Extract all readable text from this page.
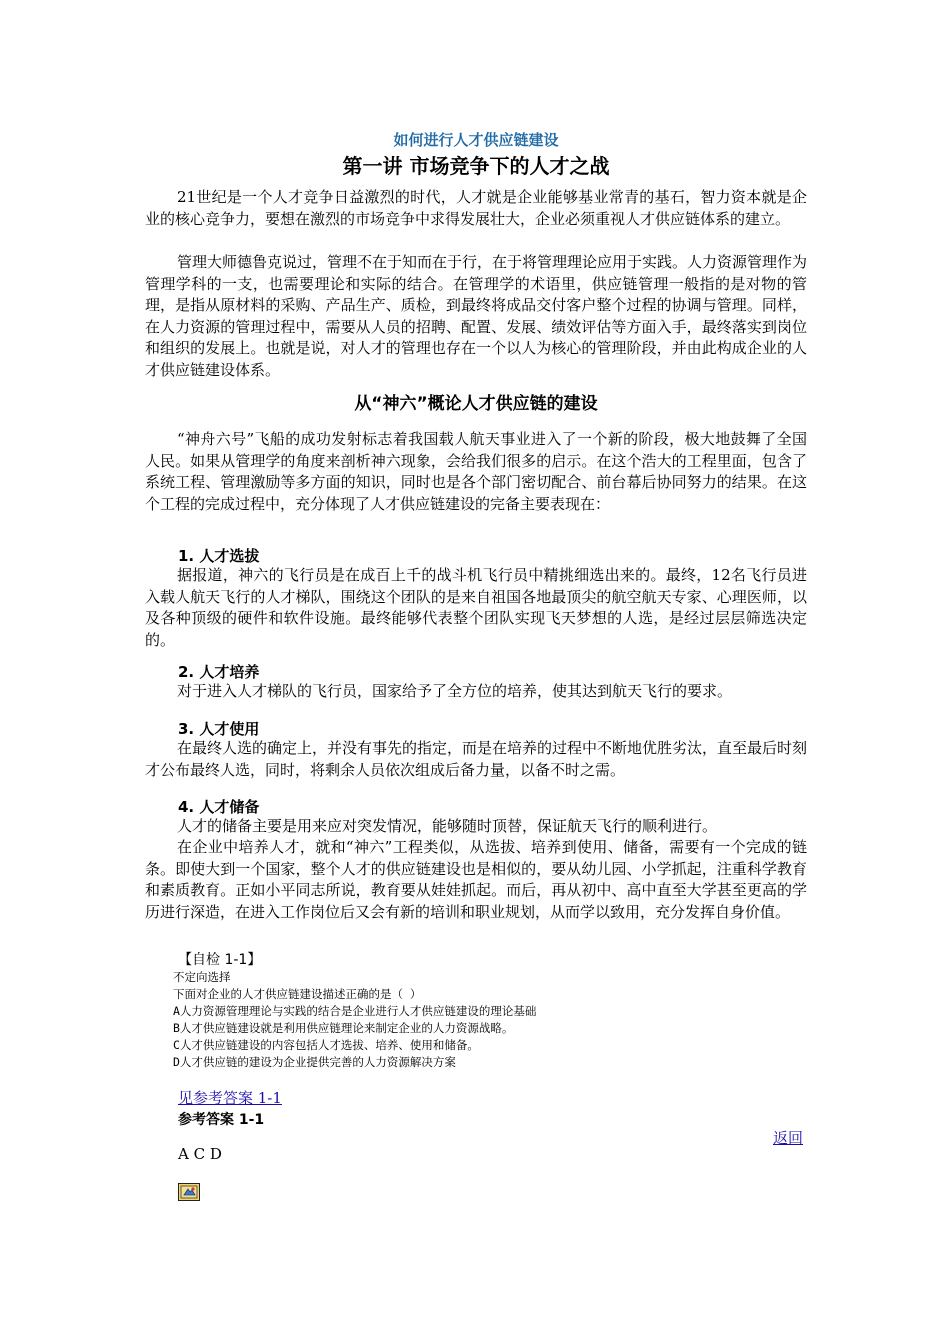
如何进行人才供应链建设
第一讲 市场竞争下的人才之战

21世纪是一个人才竞争日益激烈的时代，人才就是企业能够基业常青的基石，智力资本就是企业的核心竞争力，要想在激烈的市场竞争中求得发展壮大，企业必须重视人才供应链体系的建立。

管理大师德鲁克说过，管理不在于知而在于行，在于将管理理论应用于实践。人力资源管理作为管理学科的一支，也需要理论和实际的结合。在管理学的术语里，供应链管理一般指的是对物的管理，是指从原材料的采购、产品生产、质检，到最终将成品交付客户整个过程的协调与管理。同样，在人力资源的管理过程中，需要从人员的招聘、配置、发展、绩效评估等方面入手，最终落实到岗位和组织的发展上。也就是说，对人才的管理也存在一个以人为核心的管理阶段，并由此构成企业的人才供应链建设体系。

从“神六”概论人才供应链的建设

“神舟六号”飞船的成功发射标志着我国载人航天事业进入了一个新的阶段，极大地鼓舞了全国人民。如果从管理学的角度来剖析神六现象，会给我们很多的启示。在这个浩大的工程里面，包含了系统工程、管理激励等多方面的知识，同时也是各个部门密切配合、前台幕后协同努力的结果。在这个工程的完成过程中，充分体现了人才供应链建设的完备主要表现在：

1. 人才选拔

据报道，神六的飞行员是在成百上千的战斗机飞行员中精挑细选出来的。最终，12名飞行员进入载人航天飞行的人才梯队，围绕这个团队的是来自祖国各地最顶尖的航空航天专家、心理医师，以及各种顶级的硬件和软件设施。最终能够代表整个团队实现飞天梦想的人选，是经过层层筛选决定的。

2. 人才培养

对于进入人才梯队的飞行员，国家给予了全方位的培养，使其达到航天飞行的要求。

3. 人才使用

在最终人选的确定上，并没有事先的指定，而是在培养的过程中不断地优胜劣汰，直至最后时刻才公布最终人选，同时，将剩余人员依次组成后备力量，以备不时之需。

4. 人才储备

人才的储备主要是用来应对突发情况，能够随时顶替，保证航天飞行的顺利进行。

在企业中培养人才，就和“神六”工程类似，从选拔、培养到使用、储备，需要有一个完成的链条。即使大到一个国家，整个人才的供应链建设也是相似的，要从幼儿园、小学抓起，注重科学教育和素质教育。正如小平同志所说，教育要从娃娃抓起。而后，再从初中、高中直至大学甚至更高的学历进行深造，在进入工作岗位后又会有新的培训和职业规划，从而学以致用，充分发挥自身价值。

【自检 1-1】
不定向选择
下面对企业的人才供应链建设描述正确的是（ ）
A人力资源管理理论与实践的结合是企业进行人才供应链建设的理论基础
B人才供应链建设就是利用供应链理论来制定企业的人力资源战略。
C人才供应链建设的内容包括人才选拔、培养、使用和储备。
D人才供应链的建设为企业提供完善的人力资源解决方案
见参考答案 1-1
参考答案 1-1
返回
A C D
